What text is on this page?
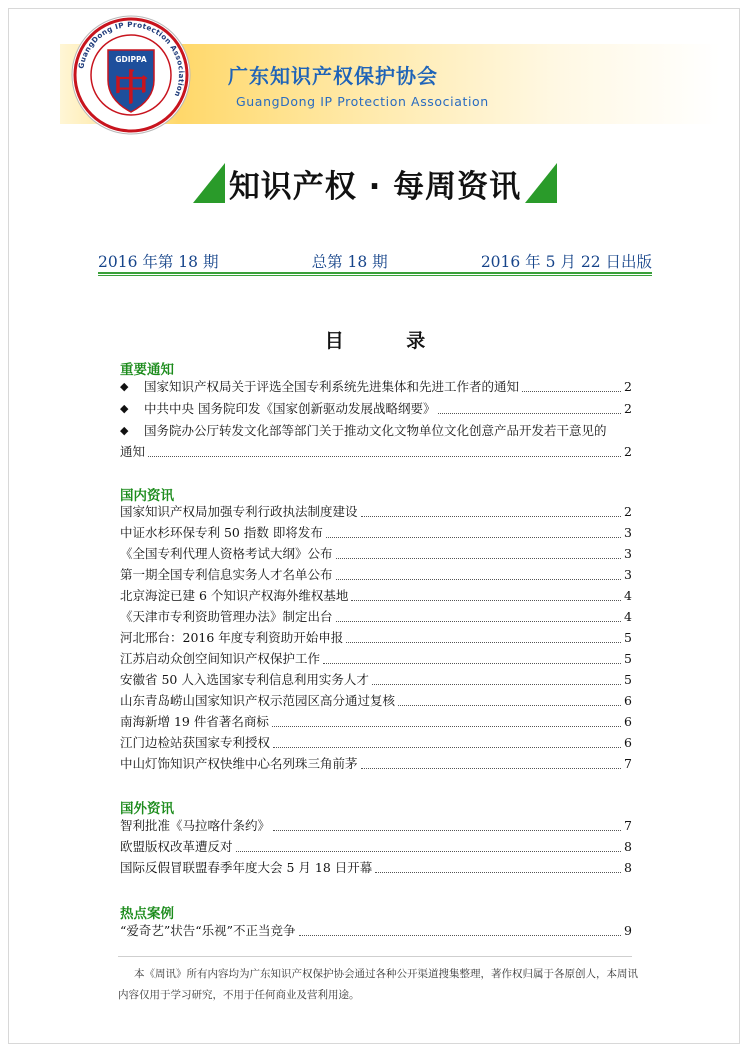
GuangDong IP Protection Association
GDIPPA
中	广东知识产权保护协会
GuangDong IP Protection Association
知识产权 · 每周资讯
2016 年第 18 期	总第 18 期	2016 年 5 月 22 日出版
目 录
重要通知
◆	国家知识产权局关于评选全国专利系统先进集体和先进工作者的通知	2
◆	中共中央 国务院印发《国家创新驱动发展战略纲要》	2
◆	国务院办公厅转发文化部等部门关于推动文化文物单位文化创意产品开发若干意见的
通知	2
国内资讯
国家知识产权局加强专利行政执法制度建设	2
中证水杉环保专利 50 指数 即将发布	3
《全国专利代理人资格考试大纲》公布	3
第一期全国专利信息实务人才名单公布	3
北京海淀已建 6 个知识产权海外维权基地	4
《天津市专利资助管理办法》制定出台	4
河北邢台：2016 年度专利资助开始申报	5
江苏启动众创空间知识产权保护工作	5
安徽省 50 人入选国家专利信息利用实务人才	5
山东青岛崂山国家知识产权示范园区高分通过复核	6
南海新增 19 件省著名商标	6
江门边检站获国家专利授权	6
中山灯饰知识产权快维中心名列珠三角前茅	7
国外资讯
智利批准《马拉喀什条约》	7
欧盟版权改革遭反对	8
国际反假冒联盟春季年度大会 5 月 18 日开幕	8
热点案例
“爱奇艺”状告“乐视”不正当竞争	9
本《周讯》所有内容均为广东知识产权保护协会通过各种公开渠道搜集整理，著作权归属于各原创人，本周讯内容仅用于学习研究，不用于任何商业及营利用途。
